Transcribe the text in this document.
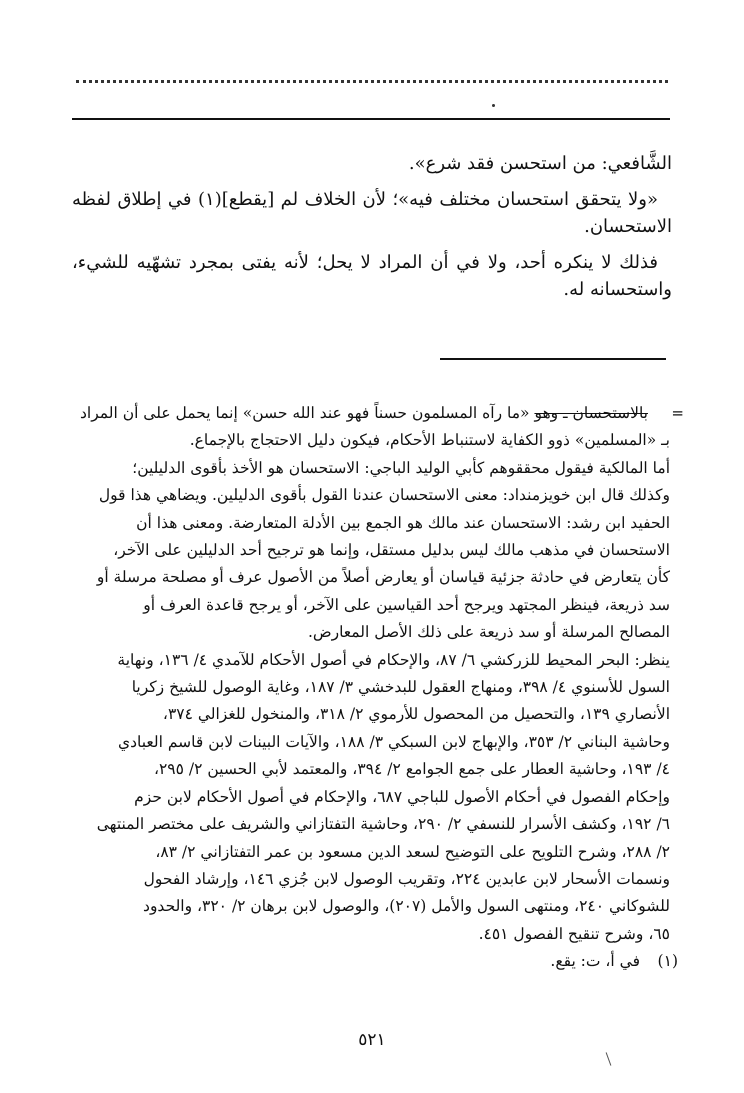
الشَّافعي: من استحسن فقد شرع».

«ولا يتحقق استحسان مختلف فيه»؛ لأن الخلاف لم [يقطع](١) في إطلاق لفظه الاستحسان.

فذلك لا ينكره أحد، ولا في أن المراد لا يحل؛ لأنه يفتى بمجرد تشهّيه للشيء، واستحسانه له.

=
بالاستحسان ـ وهو «ما رآه المسلمون حسناً فهو عند الله حسن» إنما يحمل على أن المراد
بـ «المسلمين» ذوو الكفاية لاستنباط الأحكام، فيكون دليل الاحتجاج بالإجماع.
أما المالكية فيقول محققوهم كأبي الوليد الباجي: الاستحسان هو الأخذ بأقوى الدليلين؛
وكذلك قال ابن خويزمنداد: معنى الاستحسان عندنا القول بأقوى الدليلين. ويضاهي هذا قول
الحفيد ابن رشد: الاستحسان عند مالك هو الجمع بين الأدلة المتعارضة. ومعنى هذا أن
الاستحسان في مذهب مالك ليس بدليل مستقل، وإنما هو ترجيح أحد الدليلين على الآخر،
كأن يتعارض في حادثة جزئية قياسان أو يعارض أصلاً من الأصول عرف أو مصلحة مرسلة أو
سد ذريعة، فينظر المجتهد ويرجح أحد القياسين على الآخر، أو يرجح قاعدة العرف أو
المصالح المرسلة أو سد ذريعة على ذلك الأصل المعارض.
ينظر: البحر المحيط للزركشي ٦/ ٨٧، والإحكام في أصول الأحكام للآمدي ٤/ ١٣٦، ونهاية
السول للأسنوي ٤/ ٣٩٨، ومنهاج العقول للبدخشي ٣/ ١٨٧، وغاية الوصول للشيخ زكريا
الأنصاري ١٣٩، والتحصيل من المحصول للأرموي ٢/ ٣١٨، والمنخول للغزالي ٣٧٤،
وحاشية البناني ٢/ ٣٥٣، والإبهاج لابن السبكي ٣/ ١٨٨، والآيات البينات لابن قاسم العبادي
٤/ ١٩٣، وحاشية العطار على جمع الجوامع ٢/ ٣٩٤، والمعتمد لأبي الحسين ٢/ ٢٩٥،
وإحكام الفصول في أحكام الأصول للباجي ٦٨٧، والإحكام في أصول الأحكام لابن حزم
٦/ ١٩٢، وكشف الأسرار للنسفي ٢/ ٢٩٠، وحاشية التفتازاني والشريف على مختصر المنتهى
٢/ ٢٨٨، وشرح التلويح على التوضيح لسعد الدين مسعود بن عمر التفتازاني ٢/ ٨٣،
ونسمات الأسحار لابن عابدين ٢٢٤، وتقريب الوصول لابن جُزي ١٤٦، وإرشاد الفحول
للشوكاني ٢٤٠، ومنتهى السول والأمل (٢٠٧)، والوصول لابن برهان ٢/ ٣٢٠، والحدود
٦٥، وشرح تنقيح الفصول ٤٥١.
(١)
في أ، ت: يقع.
٥٢١
